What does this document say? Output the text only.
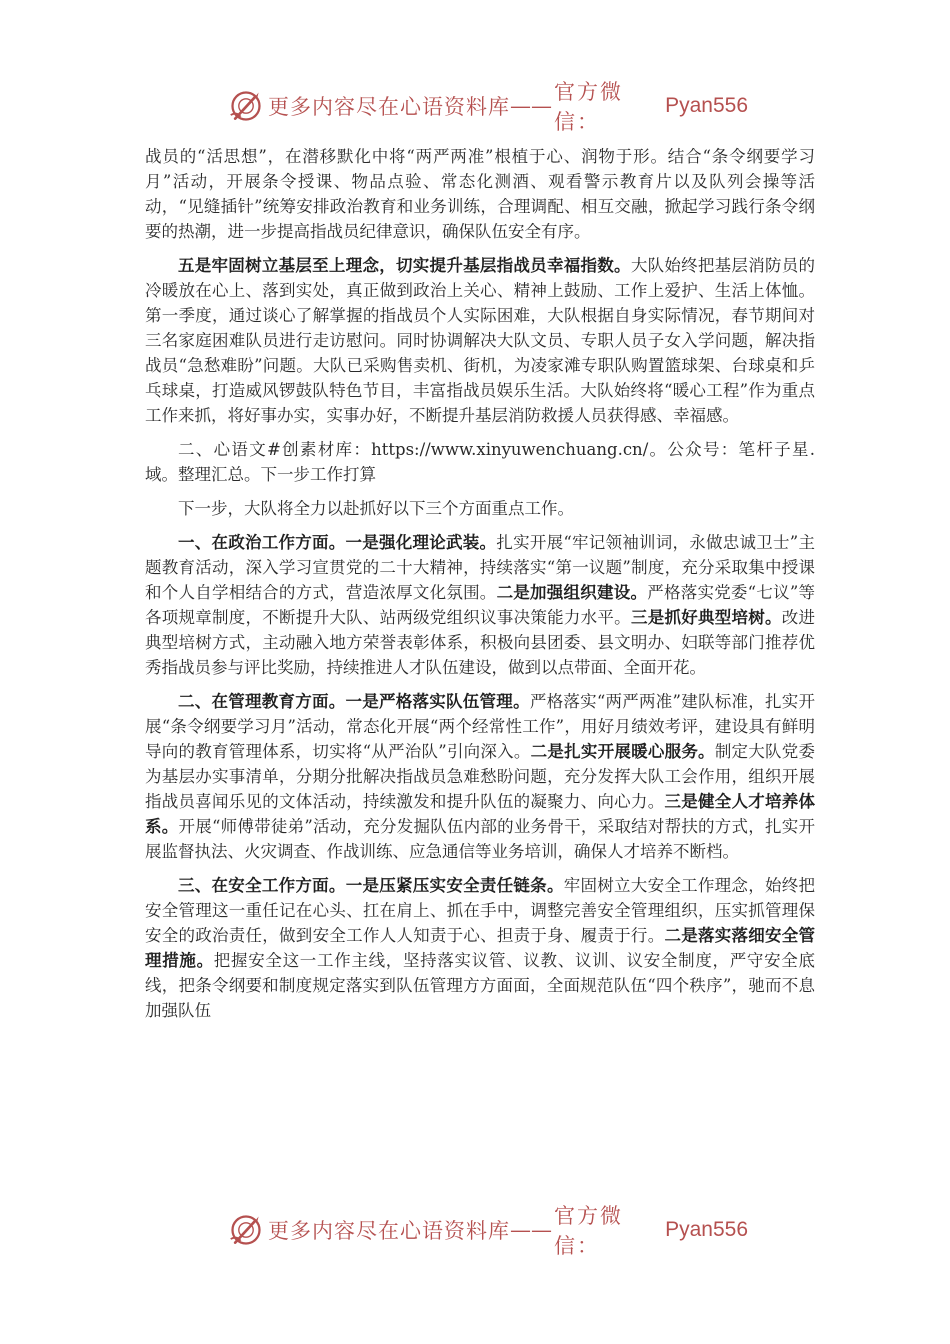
更多内容尽在心语资料库 ——
官方微信：
Pyan556

战员的“活思想”，在潜移默化中将“两严两准”根植于心、润物于形。结合“条令纲要学习月”活动，开展条令授课、物品点验、常态化测酒、观看警示教育片以及队列会操等活动，“见缝插针”统筹安排政治教育和业务训练，合理调配、相互交融，掀起学习践行条令纲要的热潮，进一步提高指战员纪律意识，确保队伍安全有序。

五是牢固树立基层至上理念，切实提升基层指战员幸福指数。大队始终把基层消防员的冷暖放在心上、落到实处，真正做到政治上关心、精神上鼓励、工作上爱护、生活上体恤。第一季度，通过谈心了解掌握的指战员个人实际困难，大队根据自身实际情况，春节期间对三名家庭困难队员进行走访慰问。同时协调解决大队文员、专职人员子女入学问题，解决指战员“急愁难盼”问题。大队已采购售卖机、街机，为凌家滩专职队购置篮球架、台球桌和乒乓球桌，打造威风锣鼓队特色节目，丰富指战员娱乐生活。大队始终将“暖心工程”作为重点工作来抓，将好事办实，实事办好，不断提升基层消防救援人员获得感、幸福感。

二、心语文#创素材库：https://www.xinyuwenchuang.cn/。公众号：笔杆子星.域。整理汇总。下一步工作打算

下一步，大队将全力以赴抓好以下三个方面重点工作。

一、在政治工作方面。一是强化理论武装。扎实开展“牢记领袖训词，永做忠诚卫士”主题教育活动，深入学习宣贯党的二十大精神，持续落实“第一议题”制度，充分采取集中授课和个人自学相结合的方式，营造浓厚文化氛围。二是加强组织建设。严格落实党委“七议”等各项规章制度，不断提升大队、站两级党组织议事决策能力水平。三是抓好典型培树。改进典型培树方式，主动融入地方荣誉表彰体系，积极向县团委、县文明办、妇联等部门推荐优秀指战员参与评比奖励，持续推进人才队伍建设，做到以点带面、全面开花。

二、在管理教育方面。一是严格落实队伍管理。严格落实“两严两准”建队标准，扎实开展“条令纲要学习月”活动，常态化开展“两个经常性工作”，用好月绩效考评，建设具有鲜明导向的教育管理体系，切实将“从严治队”引向深入。二是扎实开展暖心服务。制定大队党委为基层办实事清单，分期分批解决指战员急难愁盼问题，充分发挥大队工会作用，组织开展指战员喜闻乐见的文体活动，持续激发和提升队伍的凝聚力、向心力。三是健全人才培养体系。开展“师傅带徒弟”活动，充分发掘队伍内部的业务骨干，采取结对帮扶的方式，扎实开展监督执法、火灾调查、作战训练、应急通信等业务培训，确保人才培养不断档。

三、在安全工作方面。一是压紧压实安全责任链条。牢固树立大安全工作理念，始终把安全管理这一重任记在心头、扛在肩上、抓在手中，调整完善安全管理组织，压实抓管理保安全的政治责任，做到安全工作人人知责于心、担责于身、履责于行。二是落实落细安全管理措施。把握安全这一工作主线，坚持落实议管、议教、议训、议安全制度，严守安全底线，把条令纲要和制度规定落实到队伍管理方方面面，全面规范队伍“四个秩序”，驰而不息加强队伍

更多内容尽在心语资料库 ——
官方微信：
Pyan556
